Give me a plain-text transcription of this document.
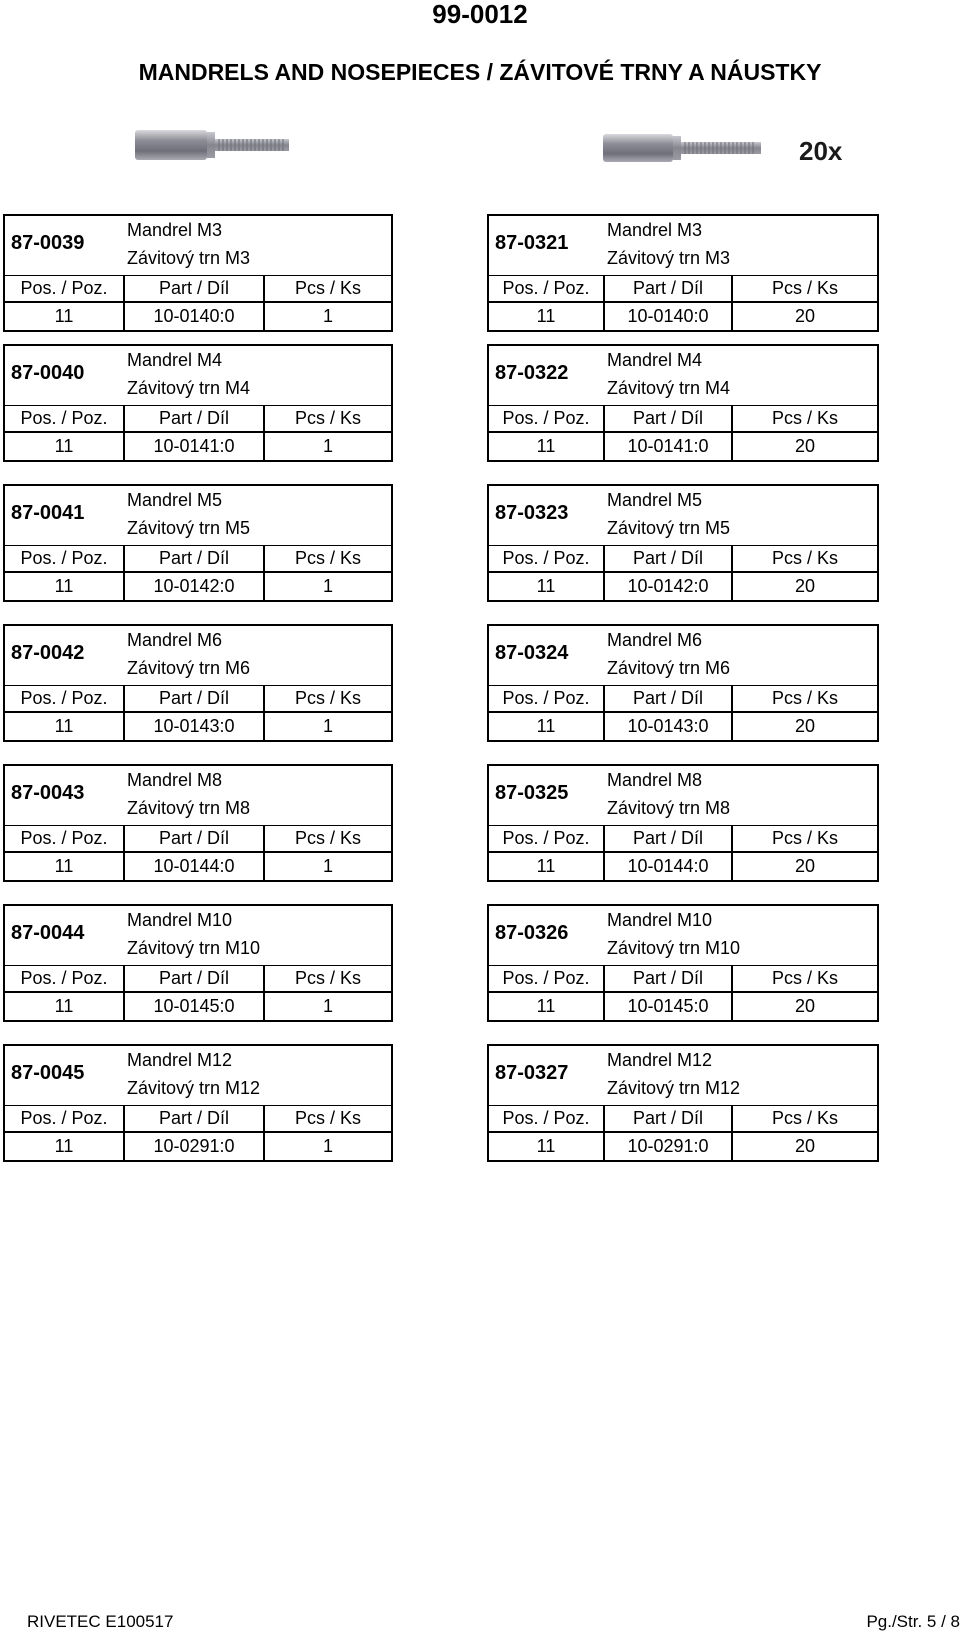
99-0012
MANDRELS AND NOSEPIECES / ZÁVITOVÉ TRNY A NÁUSTKY
20x
87-0039
Mandrel M3
Závitový trn M3
Pos. / Poz.	Part / Díl	Pcs / Ks
11	10-0140:0	1
87-0040
Mandrel M4
Závitový trn M4
Pos. / Poz.	Part / Díl	Pcs / Ks
11	10-0141:0	1
87-0041
Mandrel M5
Závitový trn M5
Pos. / Poz.	Part / Díl	Pcs / Ks
11	10-0142:0	1
87-0042
Mandrel M6
Závitový trn M6
Pos. / Poz.	Part / Díl	Pcs / Ks
11	10-0143:0	1
87-0043
Mandrel M8
Závitový trn M8
Pos. / Poz.	Part / Díl	Pcs / Ks
11	10-0144:0	1
87-0044
Mandrel M10
Závitový trn M10
Pos. / Poz.	Part / Díl	Pcs / Ks
11	10-0145:0	1
87-0045
Mandrel M12
Závitový trn M12
Pos. / Poz.	Part / Díl	Pcs / Ks
11	10-0291:0	1
87-0321
Mandrel M3
Závitový trn M3
Pos. / Poz.	Part / Díl	Pcs / Ks
11	10-0140:0	20
87-0322
Mandrel M4
Závitový trn M4
Pos. / Poz.	Part / Díl	Pcs / Ks
11	10-0141:0	20
87-0323
Mandrel M5
Závitový trn M5
Pos. / Poz.	Part / Díl	Pcs / Ks
11	10-0142:0	20
87-0324
Mandrel M6
Závitový trn M6
Pos. / Poz.	Part / Díl	Pcs / Ks
11	10-0143:0	20
87-0325
Mandrel M8
Závitový trn M8
Pos. / Poz.	Part / Díl	Pcs / Ks
11	10-0144:0	20
87-0326
Mandrel M10
Závitový trn M10
Pos. / Poz.	Part / Díl	Pcs / Ks
11	10-0145:0	20
87-0327
Mandrel M12
Závitový trn M12
Pos. / Poz.	Part / Díl	Pcs / Ks
11	10-0291:0	20
RIVETEC E100517	Pg./Str. 5 / 8
